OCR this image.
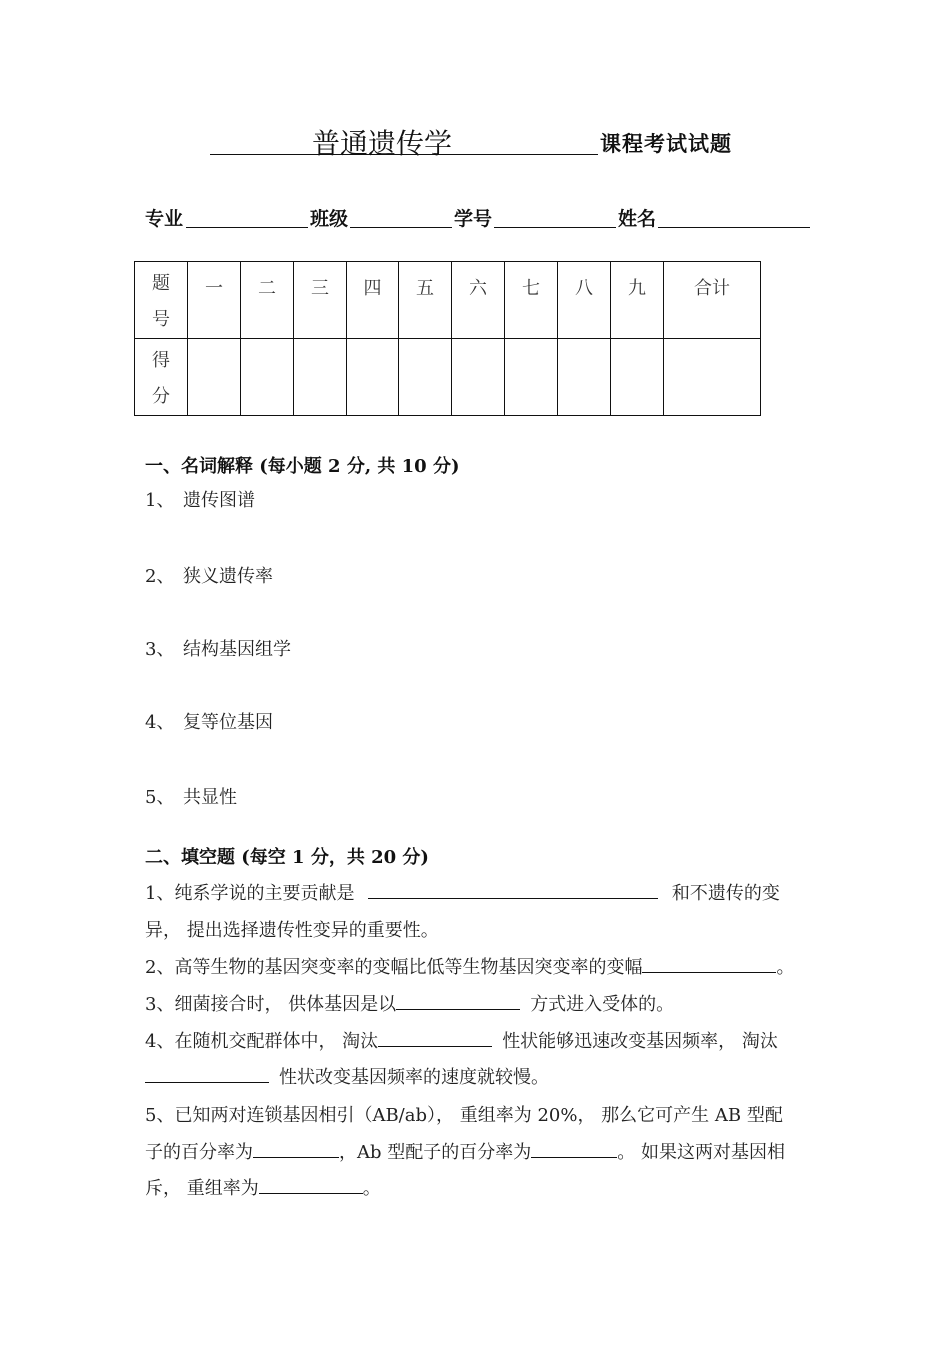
普通遗传学	课程考试试题
专业	班级	学号	姓名
题
号	一	二	三	四	五	六	七	八	九	合计

得
分										

一、名词解释 (每小题 2 分, 共 10 分)
1、 遗传图谱
2、 狭义遗传率
3、 结构基因组学
4、 复等位基因
5、 共显性
二、填空题 (每空 1 分，共 20 分)
1、纯系学说的主要贡献是	和不遗传的变
异， 提出选择遗传性变异的重要性。
2、高等生物的基因突变率的变幅比低等生物基因突变率的变幅	。
3、细菌接合时， 供体基因是以	方式进入受体的。
4、在随机交配群体中， 淘汰	性状能够迅速改变基因频率， 淘汰
性状改变基因频率的速度就较慢。
5、已知两对连锁基因相引（AB/ab）， 重组率为 20%， 那么它可产生 AB 型配
子的百分率为	，Ab 型配子的百分率为	。 如果这两对基因相
斥， 重组率为	。
